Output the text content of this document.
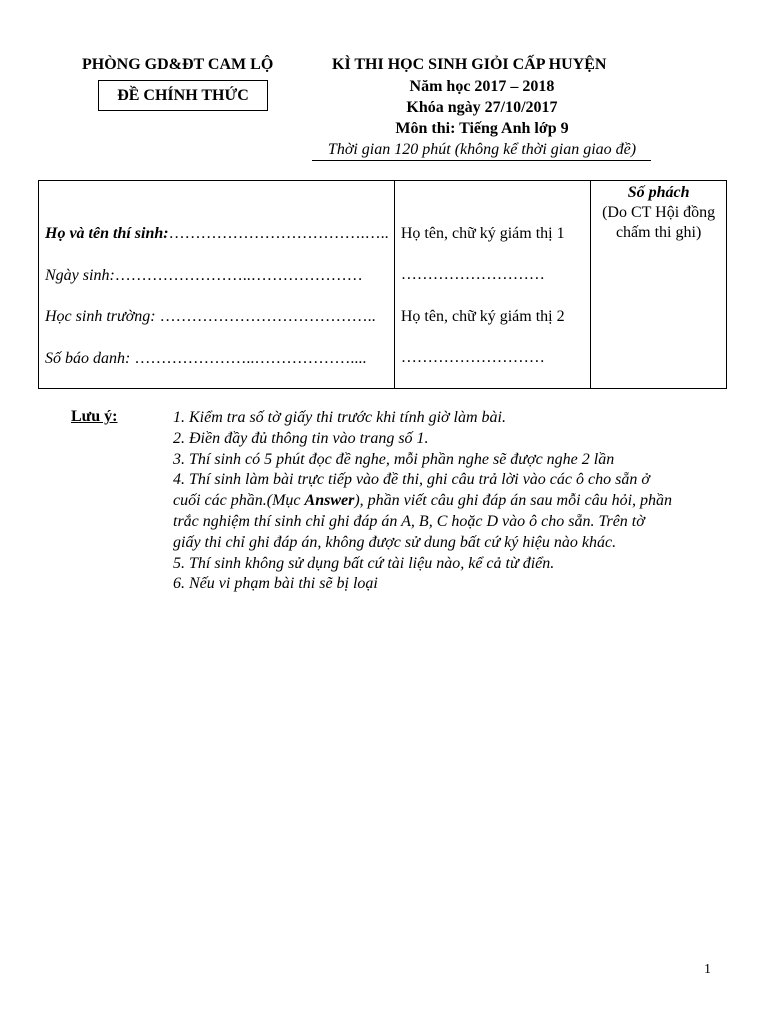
PHÒNG GD&ĐT CAM LỘ
ĐỀ CHÍNH THỨC
KÌ THI HỌC SINH GIỎI CẤP HUYỆN
Năm học 2017 – 2018
Khóa ngày 27/10/2017
Môn thi: Tiếng Anh lớp 9
Thời gian 120 phút (không kể thời gian giao đề)
Họ và tên thí sinh:……………………………….…..
Ngày sinh:……………………..…………………
Học sinh trường: …………………………………..
Số báo danh: …………………..………………....

Họ tên, chữ ký giám thị 1
………………………
Họ tên, chữ ký giám thị 2
………………………

Số phách
(Do CT Hội đồng chấm thi ghi)
Lưu ý:	1. Kiểm tra số tờ giấy thi trước khi tính giờ làm bài.
2. Điền đầy đủ thông tin vào trang số 1.
3. Thí sinh có 5 phút đọc đề nghe, mỗi phần nghe sẽ được nghe 2 lần
4. Thí sinh làm bài trực tiếp vào đề thi, ghi câu trả lời vào các ô cho sẵn ở cuối các phần.(Mục Answer), phần viết câu ghi đáp án sau mỗi câu hỏi, phần trắc nghiệm thí sinh chỉ ghi đáp án A, B, C hoặc D vào ô cho sẵn. Trên tờ giấy thi chỉ ghi đáp án, không được sử dung bất cứ ký hiệu nào khác.
5. Thí sinh không sử dụng bất cứ tài liệu nào, kể cả từ điển.
6. Nếu vi phạm bài thi sẽ bị loại
1
